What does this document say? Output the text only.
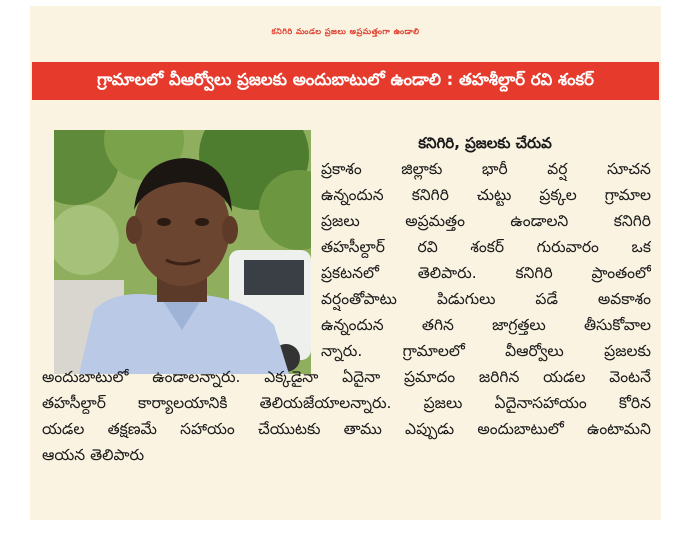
కనిగిరి మండల ప్రజలు అప్రమత్తంగా ఉండాలి
గ్రామాలలో వీఆర్వోలు ప్రజలకు అందుబాటులో ఉండాలి : తహశీల్దార్ రవి శంకర్
కనిగిరి, ప్రజలకు చేరువ
ప్రకాశం	జిల్లాకు	భారీ	వర్ష	సూచన
ఉన్నందున కనిగిరి చుట్టు ప్రక్కల గ్రామాల
ప్రజలు	అప్రమత్తం	ఉండాలని	కనిగిరి
తహసీల్దార్ రవి శంకర్ గురువారం ఒక
ప్రకటనలో	తెలిపారు.	కనిగిరి	ప్రాంతంలో
వర్షంతోపాటు	పిడుగులు	పడే	అవకాశం
ఉన్నందున తగిన జాగ్రత్తలు తీసుకోవాల
న్నారు.	గ్రామాలలో	వీఆర్వోలు	ప్రజలకు
అందుబాటులో ఉండాలన్నారు. ఎక్కడైనా ఏదైనా ప్రమాదం జరిగిన యడల వెంటనే
తహసీల్దార్ కార్యాలయానికి తెలియజేయాలన్నారు. ప్రజలు ఏదైనాసహాయం కోరిన
యడల తక్షణమే సహాయం చేయుటకు తాము ఎప్పుడు అందుబాటులో ఉంటామని
ఆయన తెలిపారు
